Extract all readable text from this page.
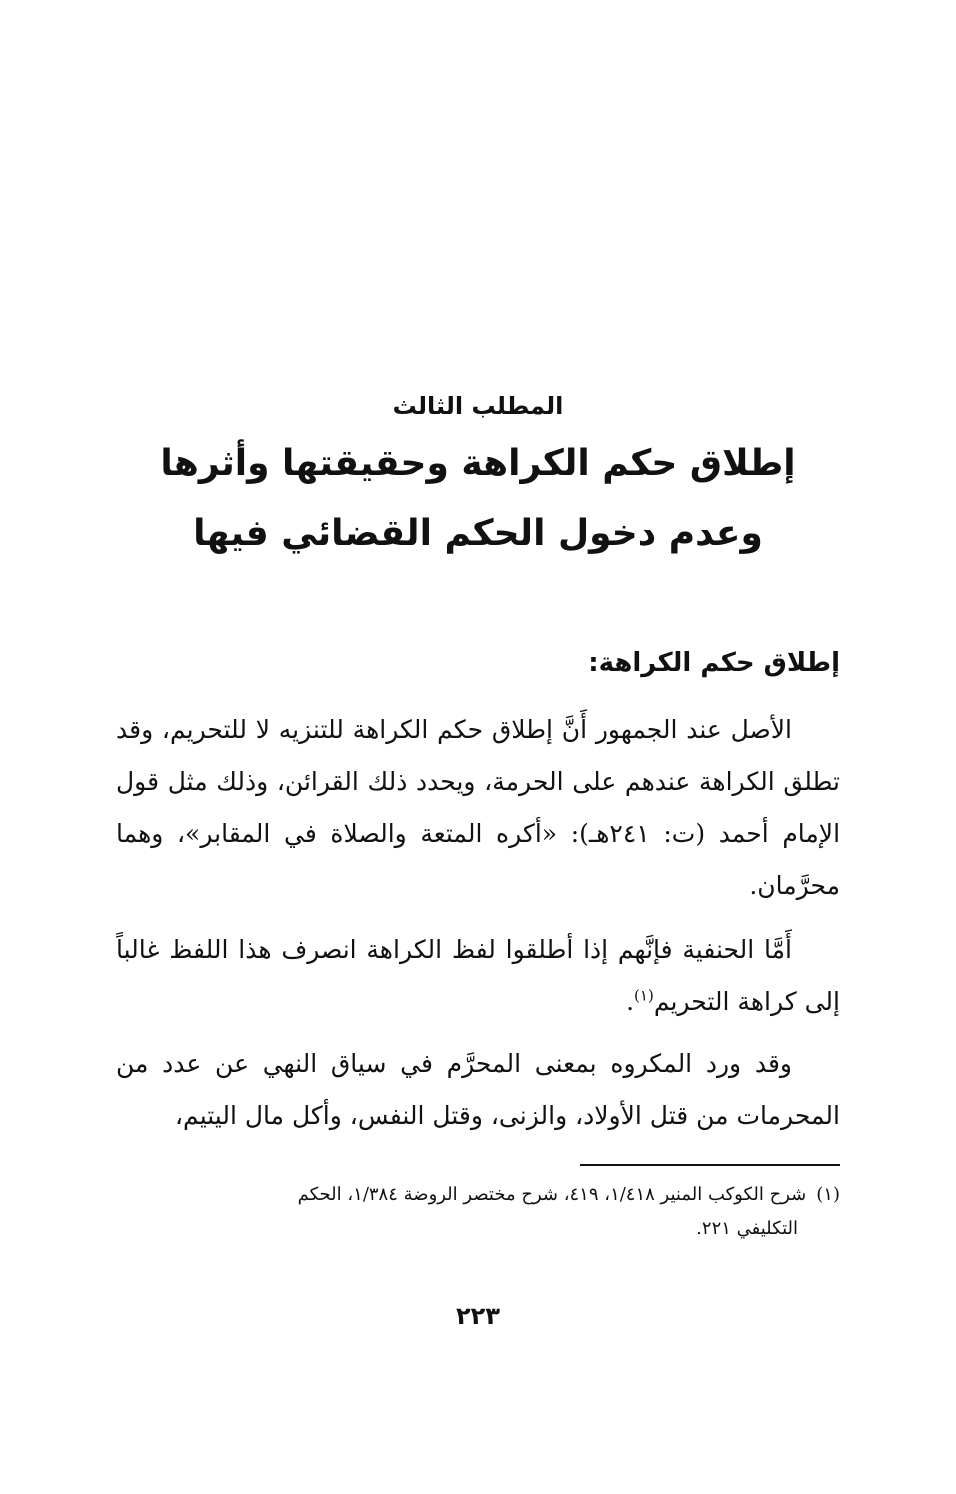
المطلب الثالث
إطلاق حكم الكراهة وحقيقتها وأثرها
وعدم دخول الحكم القضائي فيها
إطلاق حكم الكراهة:

الأصل عند الجمهور أَنَّ إطلاق حكم الكراهة للتنزيه لا للتحريم، وقد تطلق الكراهة عندهم على الحرمة، ويحدد ذلك القرائن، وذلك مثل قول الإمام أحمد (ت: ٢٤١هـ): «أكره المتعة والصلاة في المقابر»، وهما محرَّمان.

أَمَّا الحنفية فإنَّهم إذا أطلقوا لفظ الكراهة انصرف هذا اللفظ غالباً إلى كراهة التحريم$^{(١)}$.

وقد ورد المكروه بمعنى المحرَّم في سياق النهي عن عدد من المحرمات من قتل الأولاد، والزنى، وقتل النفس، وأكل مال اليتيم،

(١)شرح الكوكب المنير ١/٤١٨، ٤١٩، شرح مختصر الروضة ١/٣٨٤، الحكم
التكليفي ٢٢١.
٢٢٣
